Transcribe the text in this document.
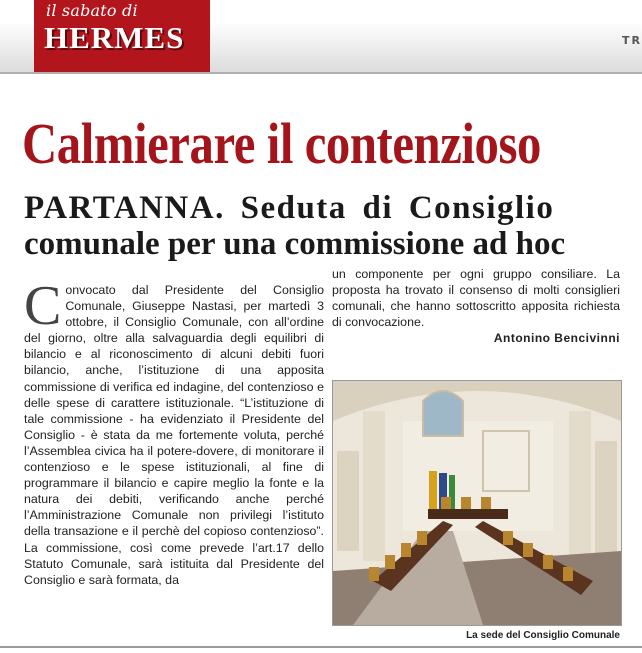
il sabato di
HERMES	TR
Calmierare il contenzioso
PARTANNA. Seduta di Consiglio
comunale per una commissione ad hoc
C onvocato dal Presidente del Consiglio Comunale, Giuseppe Nastasi, per martedì 3 ottobre, il Consiglio Comunale, con all’ordine del giorno, oltre alla salvaguardia degli equilibri di bilancio e al riconoscimento di alcuni debiti fuori bilancio, anche, l’istituzione di una apposita commissione di verifica ed indagine, del contenzioso e delle spese di carattere istituzionale. “L’istituzione di tale commissione - ha evidenziato il Presidente del Consiglio - è stata da me fortemente voluta, perché l’Assemblea civica ha il potere-dovere, di monitorare il contenzioso e le spese istituzionali, al fine di programmare il bilancio e capire meglio la fonte e la natura dei debiti, verificando anche perché l’Amministrazione Comunale non privilegi l’istituto della transazione e il perchè del copioso contenzioso”. La commissione, così come prevede l’art.17 dello Statuto Comunale, sarà istituita dal Presidente del Consiglio e sarà formata, da
un componente per ogni gruppo consiliare. La proposta ha trovato il consenso di molti consiglieri comunali, che hanno sottoscritto apposita richiesta di convocazione.
Antonino Bencivinni
La sede del Consiglio Comunale
